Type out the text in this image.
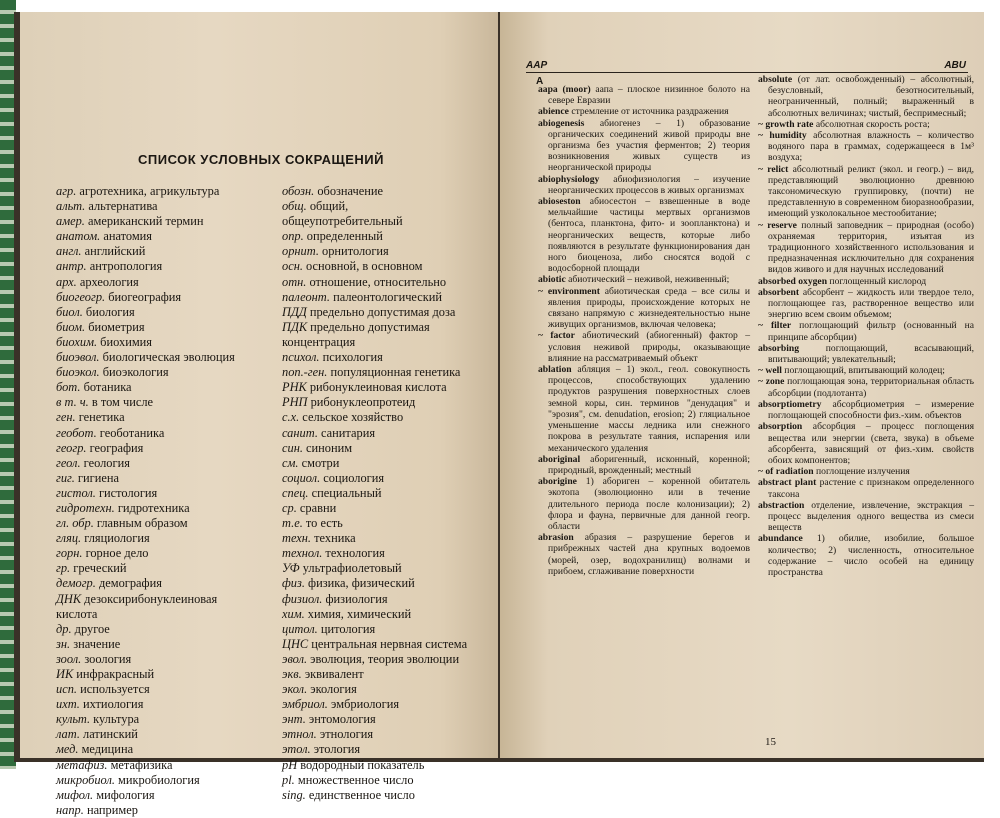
СПИСОК УСЛОВНЫХ СОКРАЩЕНИЙ
агр. агротехника, агрикультура
альт. альтернатива
амер. американский термин
анатом. анатомия
англ. английский
антр. антропология
арх. археология
биогеогр. биогеография
биол. биология
биом. биометрия
биохим. биохимия
биоэвол. биологическая эволюция
биоэкол. биоэкология
бот. ботаника
в т. ч. в том числе
ген. генетика
геобот. геоботаника
геогр. география
геол. геология
гиг. гигиена
гистол. гистология
гидротехн. гидротехника
гл. обр. главным образом
гляц. гляциология
горн. горное дело
гр. греческий
демогр. демография
ДНК дезоксирибонуклеиновая
кислота
др. другое
зн. значение
зоол. зоология
ИК инфракрасный
исп. используется
ихт. ихтиология
культ. культура
лат. латинский
мед. медицина
метафиз. метафизика
микробиол. микробиология
мифол. мифология
напр. например
обозн. обозначение
общ. общий,
общеупотребительный
опр. определенный
орнит. орнитология
осн. основной, в основном
отн. отношение, относительно
палеонт. палеонтологический
ПДД предельно допустимая доза
ПДК предельно допустимая
концентрация
психол. психология
поп.-ген. популяционная генетика
РНК рибонуклеиновая кислота
РНП рибонуклеопротеид
с.х. сельское хозяйство
санит. санитария
син. синоним
см. смотри
социол. социология
спец. специальный
ср. сравни
т.е. то есть
техн. техника
технол. технология
УФ ультрафиолетовый
физ. физика, физический
физиол. физиология
хим. химия, химический
цитол. цитология
ЦНС центральная нервная система
эвол. эволюция, теория эволюции
экв. эквивалент
экол. экология
эмбриол. эмбриология
энт. энтомология
этнол. этнология
этол. этология
pH водородный показатель
pl. множественное число
sing. единственное число
AAP	ABU
A
aapa (moor) аапа – плоское низинное болото на севере Евразии
abience стремление от источника раздражения
abiogenesis абиогенез – 1) образование органических соединений живой природы вне организма без участия ферментов; 2) теория возникновения живых существ из неорганической природы
abiophysiology абиофизиология – изучение неорганических процессов в живых организмах
abioseston абиосестон – взвешенные в воде мельчайшие частицы мертвых организмов (бентоса, планктона, фито- и зоопланктона) и неорганических веществ, которые либо появляются в результате функционирования дан ного биоценоза, либо сносятся водой с водосборной площади
abiotic абиотический – неживой, неживенный;
~ environment абиотическая среда – все силы и явления природы, происхождение которых не связано напрямую с жизнедеятельностью ныне живущих организмов, включая человека;
~ factor абиотический (абиогенный) фактор – условия неживой природы, оказывающие влияние на рассматриваемый объект
ablation абляция – 1) экол., геол. совокупность процессов, способствующих удалению продуктов разрушения поверхностных слоев земной коры, син. терминов "денудация" и "эрозия", см. denudation, erosion; 2) гляциальное уменьшение массы ледника или снежного покрова в результате таяния, испарения или механического удаления
aboriginal аборигенный, исконный, коренной; природный, врожденный; местный
aborigine 1) абориген – коренной обитатель экотопа (эволюционно или в течение длительного периода после колонизации); 2) флора и фауна, первичные для данной геогр. области
abrasion абразия – разрушение берегов и прибрежных частей дна крупных водоемов (морей, озер, водохранилищ) волнами и прибоем, сглаживание поверхности
absolute (от лат. освобожденный) – абсолютный, безусловный, безотносительный, неограниченный, полный; выраженный в абсолютных величинах; чистый, беспримесный;
~ growth rate абсолютная скорость роста;
~ humidity абсолютная влажность – количество водяного пара в граммах, содержащееся в 1м³ воздуха;
~ relict абсолютный реликт (экол. и геогр.) – вид, представляющий эволюционно древнюю таксономическую группировку, (почти) не представленную в современном биоразнообразии, имеющий узколокальное местообитание;
~ reserve полный заповедник – природная (особо) охраняемая территория, изъятая из традиционного хозяйственного использования и предназначенная исключительно для сохранения видов живого и для научных исследований
absorbed oxygen поглощенный кислород
absorbent абсорбент – жидкость или твердое тело, поглощающее газ, растворенное вещество или энергию всем своим объемом;
~ filter поглощающий фильтр (основанный на принципе абсорбции)
absorbing поглощающий, всасывающий, впитывающий; увлекательный;
~ well поглощающий, впитывающий колодец;
~ zone поглощающая зона, территориальная область абсорбции (подлотанта)
absorptiometry абсорбциометрия – измерение поглощающей способности физ.-хим. объектов
absorption абсорбция – процесс поглощения вещества или энергии (света, звука) в объеме абсорбента, зависящий от физ.-хим. свойств обоих компонентов;
~ of radiation поглощение излучения
abstract plant растение с признаком определенного таксона
abstraction отделение, извлечение, экстракция – процесс выделения одного вещества из смеси веществ
abundance 1) обилие, изобилие, большое количество; 2) численность, относительное содержание – число особей на единицу пространства
15
